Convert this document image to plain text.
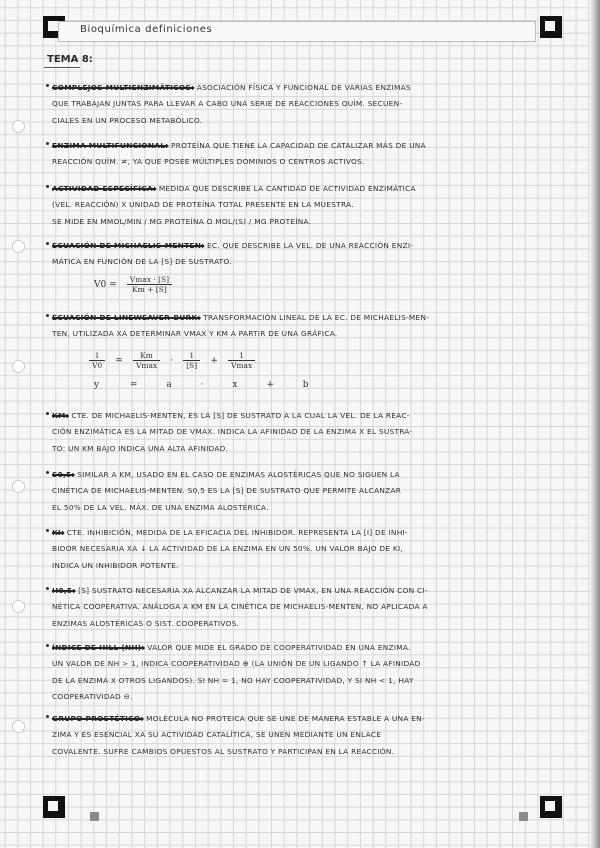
Bioquímica definiciones
TEMA 8:
COMPLEJOS MULTIENZIMÁTICOS: ASOCIACIÓN FÍSICA Y FUNCIONAL DE VARIAS ENZIMAS
QUE TRABAJAN JUNTAS PARA LLEVAR A CABO UNA SERIE DE REACCIONES QUÍM. SECUEN-
CIALES EN UN PROCESO METABÓLICO.
ENZIMA MULTIFUNCIONAL: PROTEÍNA QUE TIENE LA CAPACIDAD DE CATALIZAR MÁS DE UNA
REACCIÓN QUÍM. ≠, YA QUE POSEE MÚLTIPLES DOMINIOS O CENTROS ACTIVOS.
ACTIVIDAD ESPECÍFICA: MEDIDA QUE DESCRIBE LA CANTIDAD DE ACTIVIDAD ENZIMÁTICA
(VEL. REACCIÓN) X UNIDAD DE PROTEÍNA TOTAL PRESENTE EN LA MUESTRA.
SE MIDE EN ΜMOL/MIN / MG PROTEÍNA O MOL/(S) / MG PROTEÍNA.
ECUACIÓN DE MICHAELIS-MENTEN: EC. QUE DESCRIBE LA VEL. DE UNA REACCIÓN ENZI-
MÁTICA EN FUNCIÓN DE LA [S] DE SUSTRATO.
$V0 = \frac{Vmax \cdot [S]}{Km + [S]}$
ECUACIÓN DE LINEWEAVER-BURK: TRANSFORMACIÓN LINEAL DE LA EC. DE MICHAELIS-MEN-
TEN, UTILIZADA XA DETERMINAR VMAX Y KM A PARTIR DE UNA GRÁFICA.
$\frac{1}{V0} = \frac{Km}{Vmax} \cdot \frac{1}{[S]} + \frac{1}{Vmax}$
y	=	a	·	x	+	b
KM: CTE. DE MICHAELIS-MENTEN, ES LA [S] DE SUSTRATO A LA CUAL LA VEL. DE LA REAC-
CIÓN ENZIMÁTICA ES LA MITAD DE VMAX. INDICA LA AFINIDAD DE LA ENZIMA X EL SUSTRA-
TO: UN KM BAJO INDICA UNA ALTA AFINIDAD.
S0,5: SIMILAR A KM, USADO EN EL CASO DE ENZIMAS ALOSTÉRICAS QUE NO SIGUEN LA
CINÉTICA DE MICHAELIS-MENTEN. S0,5 ES LA [S] DE SUSTRATO QUE PERMITE ALCANZAR
EL 50% DE LA VEL. MÁX. DE UNA ENZIMA ALOSTÉRICA.
KI: CTE. INHIBICIÓN, MEDIDA DE LA EFICACIA DEL INHIBIDOR. REPRESENTA LA [I] DE INHI-
BIDOR NECESARIA XA ↓ LA ACTIVIDAD DE LA ENZIMA EN UN 50%. UN VALOR BAJO DE KI,
INDICA UN INHIBIDOR POTENTE.
H0,5: [S] SUSTRATO NECESARIA XA ALCANZAR LA MITAD DE VMAX, EN UNA REACCIÓN CON CI-
NÉTICA COOPERATIVA. ANÁLOGA A KM EN LA CINÉTICA DE MICHAELIS-MENTEN, NO APLICADA A
ENZIMAS ALOSTÉRICAS O SIST. COOPERATIVOS.
ÍNDICE DE HILL (NH): VALOR QUE MIDE EL GRADO DE COOPERATIVIDAD EN UNA ENZIMA.
UN VALOR DE NH > 1, INDICA COOPERATIVIDAD ⊕ (LA UNIÓN DE UN LIGANDO ↑ LA AFINIDAD
DE LA ENZIMA X OTROS LIGANDOS). SI NH = 1, NO HAY COOPERATIVIDAD, Y SI NH < 1, HAY
COOPERATIVIDAD ⊖.
GRUPO PROSTÉTICO: MOLÉCULA NO PROTEICA QUE SE UNE DE MANERA ESTABLE A UNA EN-
ZIMA Y ES ESENCIAL XA SU ACTIVIDAD CATALÍTICA, SE UNEN MEDIANTE UN ENLACE
COVALENTE. SUFRE CAMBIOS OPUESTOS AL SUSTRATO Y PARTICIPAN EN LA REACCIÓN.
